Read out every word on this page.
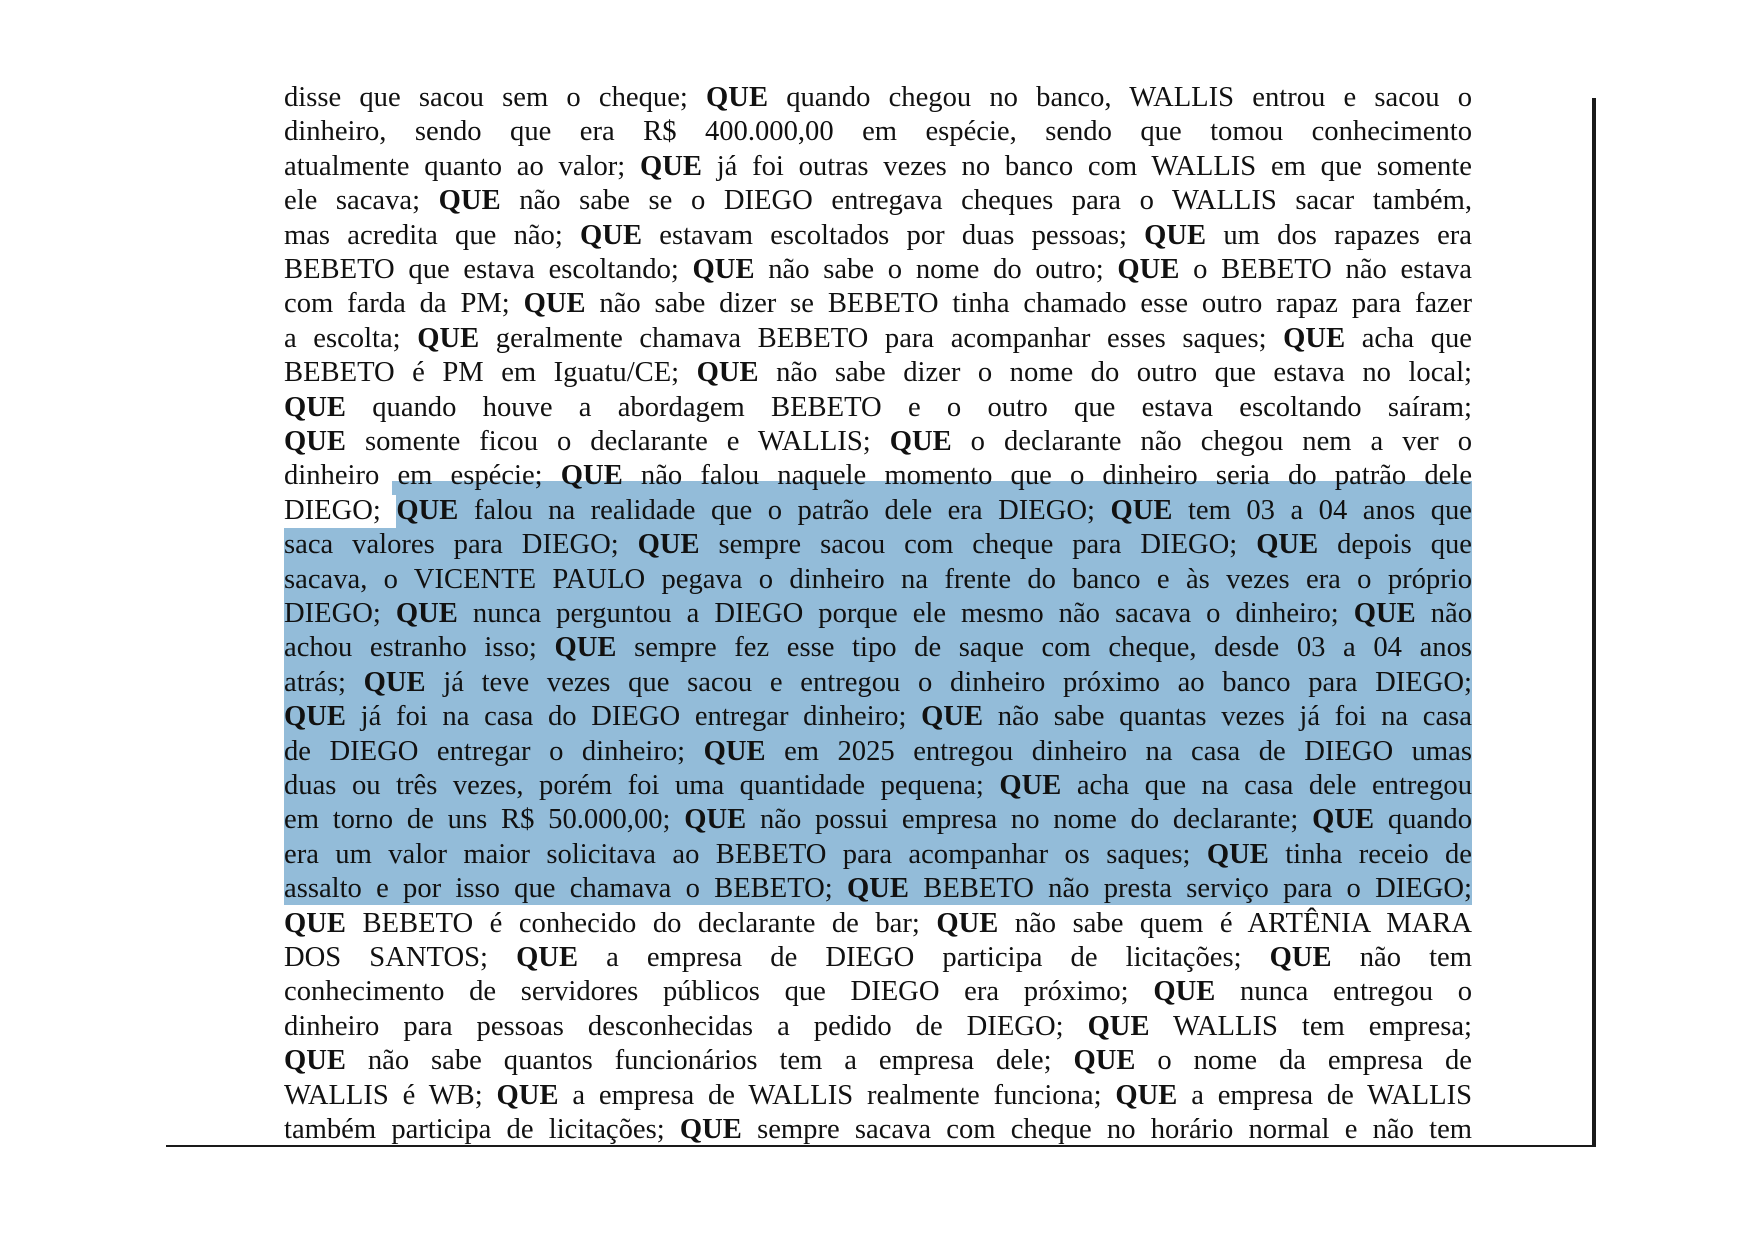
disse que sacou sem o cheque; QUE quando chegou no banco, WALLIS entrou e sacou o
dinheiro, sendo que era R$ 400.000,00 em espécie, sendo que tomou conhecimento
atualmente quanto ao valor; QUE já foi outras vezes no banco com WALLIS em que somente
ele sacava; QUE não sabe se o DIEGO entregava cheques para o WALLIS sacar também,
mas acredita que não; QUE estavam escoltados por duas pessoas; QUE um dos rapazes era
BEBETO que estava escoltando; QUE não sabe o nome do outro; QUE o BEBETO não estava
com farda da PM; QUE não sabe dizer se BEBETO tinha chamado esse outro rapaz para fazer
a escolta; QUE geralmente chamava BEBETO para acompanhar esses saques; QUE acha que
BEBETO é PM em Iguatu/CE; QUE não sabe dizer o nome do outro que estava no local;
QUE quando houve a abordagem BEBETO e o outro que estava escoltando saíram;
QUE somente ficou o declarante e WALLIS; QUE o declarante não chegou nem a ver o
dinheiro em espécie; QUE não falou naquele momento que o dinheiro seria do patrão dele
DIEGO; QUE falou na realidade que o patrão dele era DIEGO; QUE tem 03 a 04 anos que
saca valores para DIEGO; QUE sempre sacou com cheque para DIEGO; QUE depois que
sacava, o VICENTE PAULO pegava o dinheiro na frente do banco e às vezes era o próprio
DIEGO; QUE nunca perguntou a DIEGO porque ele mesmo não sacava o dinheiro; QUE não
achou estranho isso; QUE sempre fez esse tipo de saque com cheque, desde 03 a 04 anos
atrás; QUE já teve vezes que sacou e entregou o dinheiro próximo ao banco para DIEGO;
QUE já foi na casa do DIEGO entregar dinheiro; QUE não sabe quantas vezes já foi na casa
de DIEGO entregar o dinheiro; QUE em 2025 entregou dinheiro na casa de DIEGO umas
duas ou três vezes, porém foi uma quantidade pequena; QUE acha que na casa dele entregou
em torno de uns R$ 50.000,00; QUE não possui empresa no nome do declarante; QUE quando
era um valor maior solicitava ao BEBETO para acompanhar os saques; QUE tinha receio de
assalto e por isso que chamava o BEBETO; QUE BEBETO não presta serviço para o DIEGO;
QUE BEBETO é conhecido do declarante de bar; QUE não sabe quem é ARTÊNIA MARA
DOS SANTOS; QUE a empresa de DIEGO participa de licitações; QUE não tem
conhecimento de servidores públicos que DIEGO era próximo; QUE nunca entregou o
dinheiro para pessoas desconhecidas a pedido de DIEGO; QUE WALLIS tem empresa;
QUE não sabe quantos funcionários tem a empresa dele; QUE o nome da empresa de
WALLIS é WB; QUE a empresa de WALLIS realmente funciona; QUE a empresa de WALLIS
também participa de licitações; QUE sempre sacava com cheque no horário normal e não tem
